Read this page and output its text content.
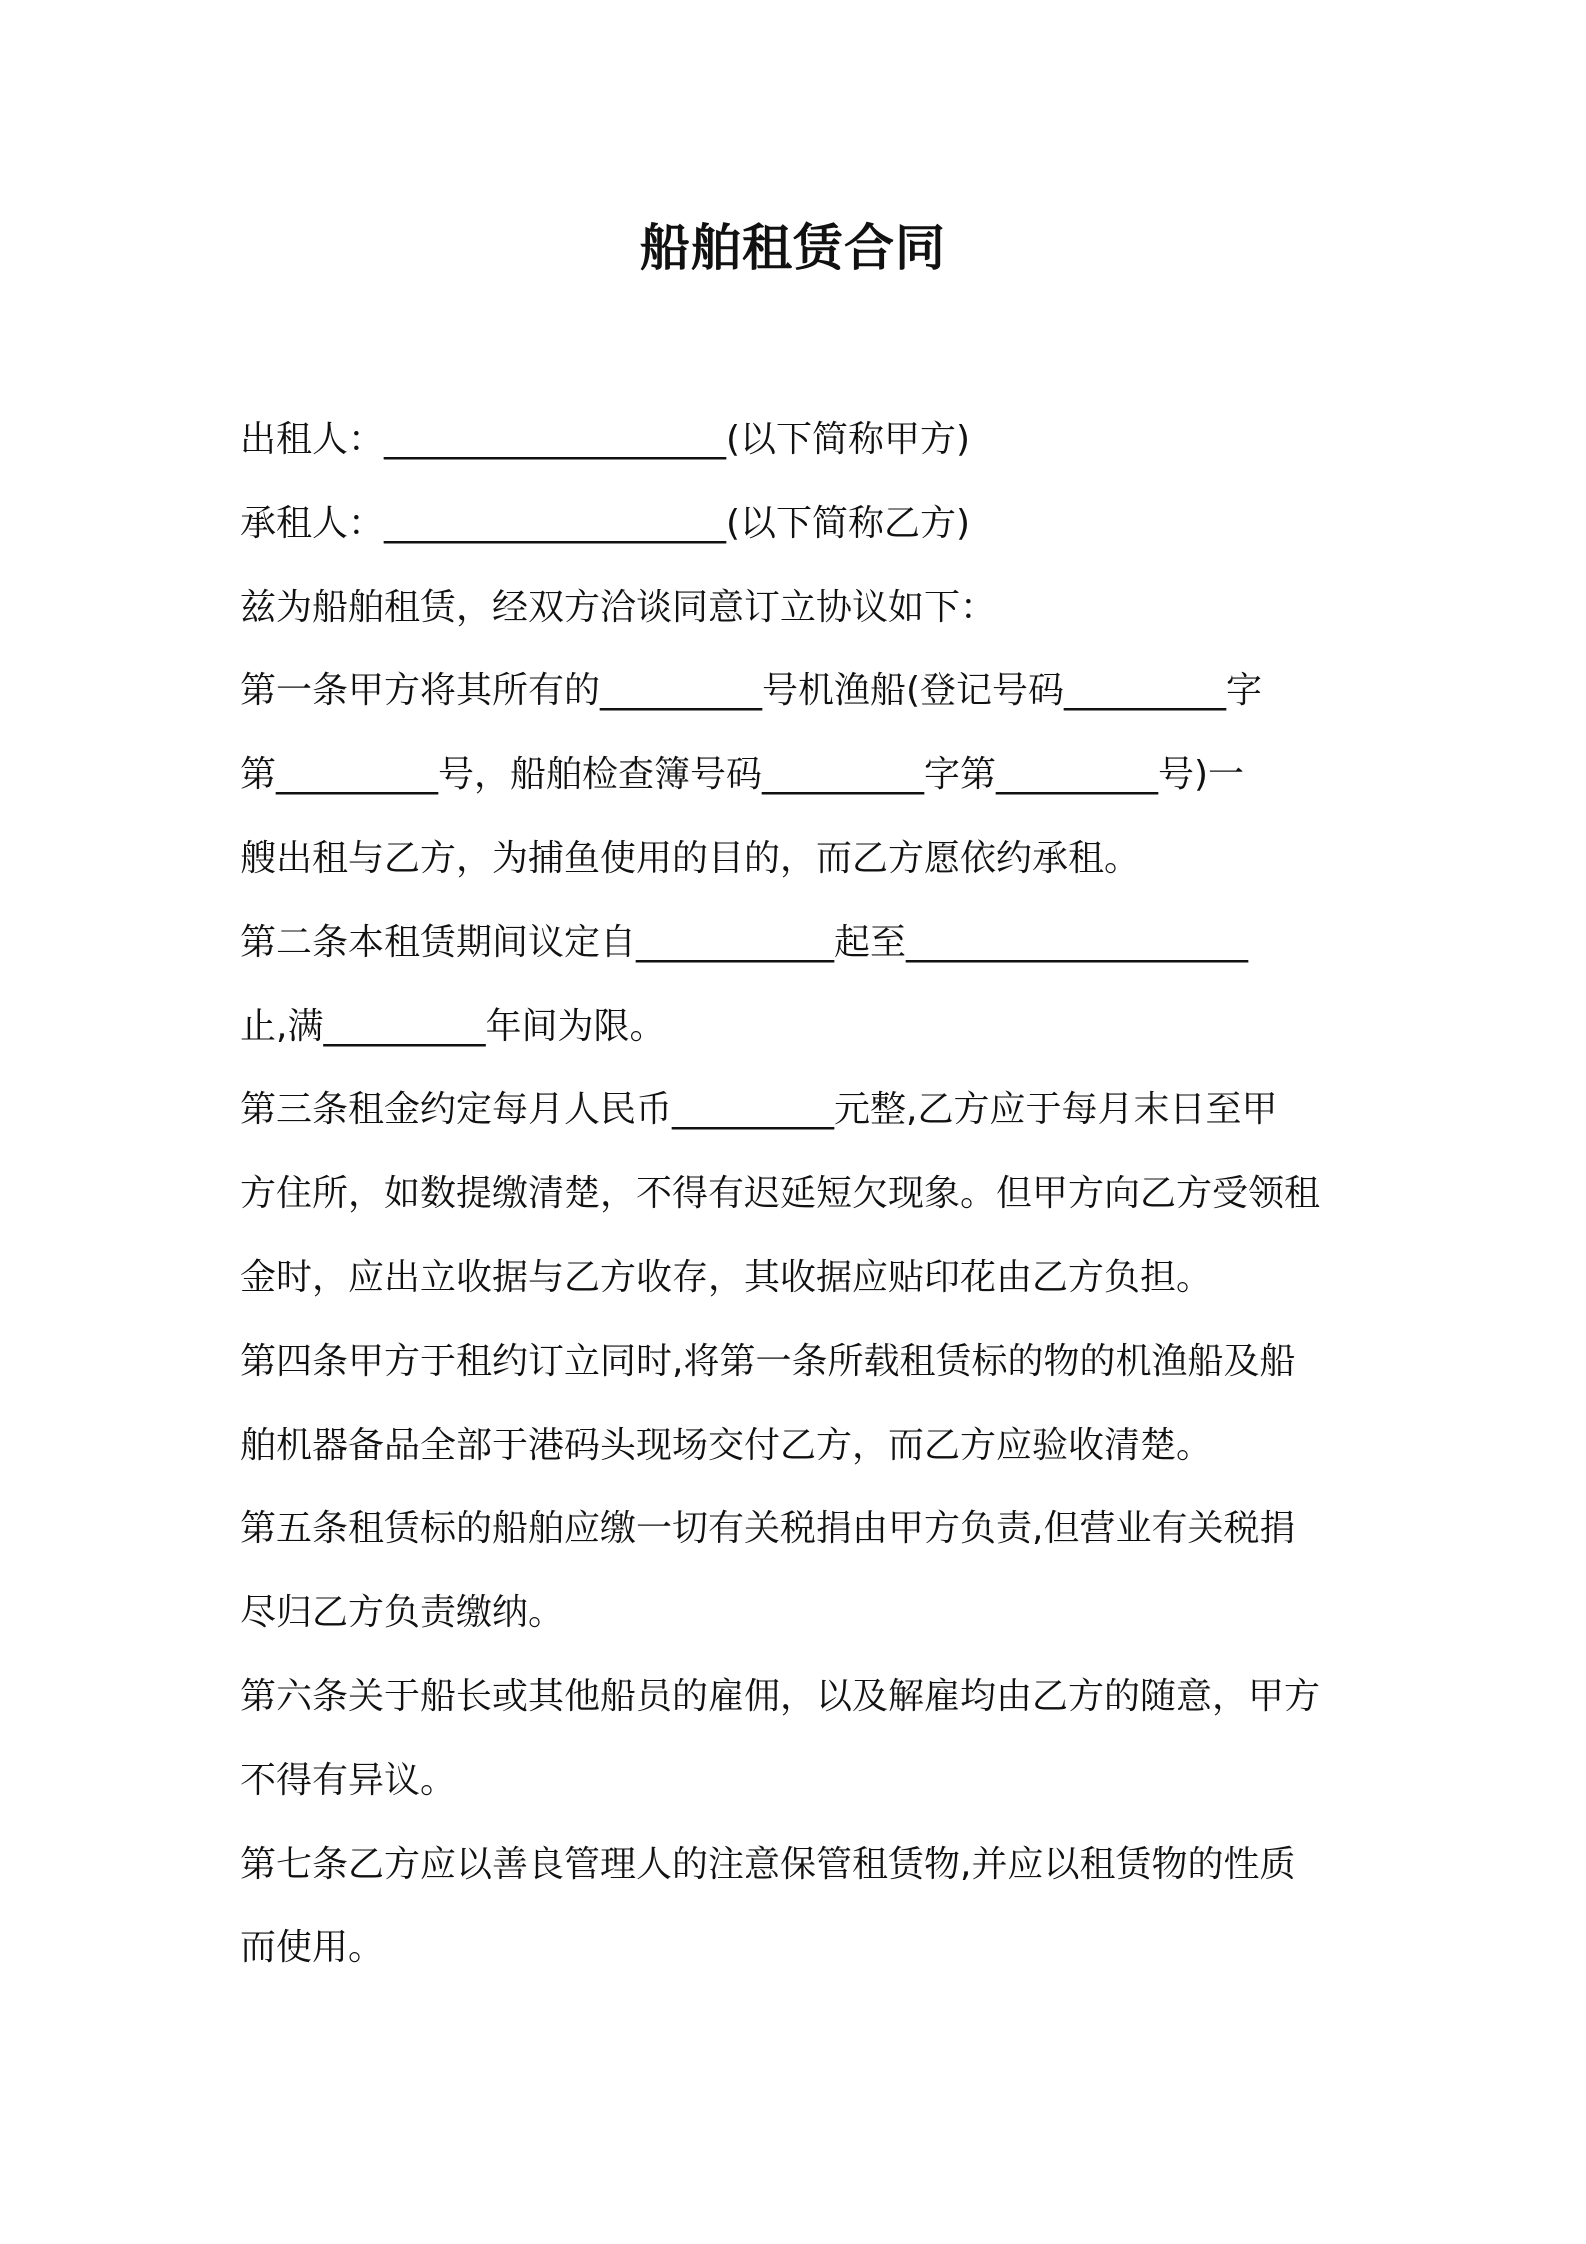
船舶租赁合同

出租人：___________________(以下简称甲方)

承租人：___________________(以下简称乙方)

兹为船舶租赁，经双方洽谈同意订立协议如下：

第一条甲方将其所有的_________号机渔船(登记号码_________字

第_________号，船舶检查簿号码_________字第_________号)一

艘出租与乙方，为捕鱼使用的目的，而乙方愿依约承租。

第二条本租赁期间议定自___________起至___________________

止,满_________年间为限。

第三条租金约定每月人民币_________元整,乙方应于每月末日至甲

方住所，如数提缴清楚，不得有迟延短欠现象。但甲方向乙方受领租

金时，应出立收据与乙方收存，其收据应贴印花由乙方负担。

第四条甲方于租约订立同时,将第一条所载租赁标的物的机渔船及船

舶机器备品全部于港码头现场交付乙方，而乙方应验收清楚。

第五条租赁标的船舶应缴一切有关税捐由甲方负责,但营业有关税捐

尽归乙方负责缴纳。

第六条关于船长或其他船员的雇佣，以及解雇均由乙方的随意，甲方

不得有异议。

第七条乙方应以善良管理人的注意保管租赁物,并应以租赁物的性质

而使用。
